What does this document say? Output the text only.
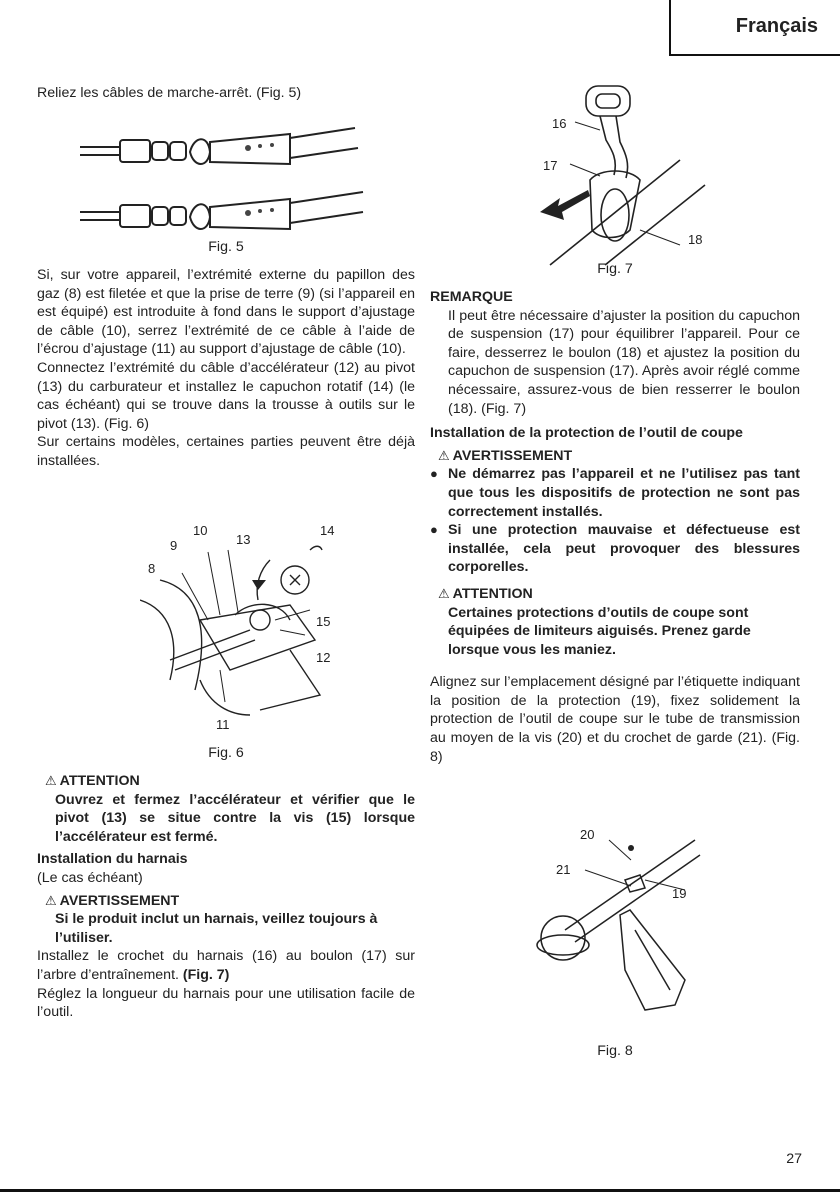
Français

Reliez les câbles de marche-arrêt. (Fig. 5)

Fig. 5

Si, sur votre appareil, l’extrémité externe du papillon des gaz (8) est filetée et que la prise de terre (9) (si l’appareil en est équipé) est introduite à fond dans le support d’ajustage de câble (10), serrez l’extrémité de ce câble à l’aide de l’écrou d’ajustage (11) au support d’ajustage de câble (10).

Connectez l’extrémité du câble d’accélérateur (12) au pivot (13) du carburateur et installez le capuchon rotatif (14) (le cas échéant) qui se trouve dans la trousse à outils sur le pivot (13). (Fig. 6)

Sur certains modèles, certaines parties peuvent être déjà installées.

9
10
13
14
8
15
12
11
Fig. 6

⚠ ATTENTION

Ouvrez et fermez l’accélérateur et vérifier que le pivot (13) se situe contre la vis (15) lorsque l’accélérateur est fermé.

Installation du harnais

(Le cas échéant)

⚠ AVERTISSEMENT

Si le produit inclut un harnais, veillez toujours à l’utiliser.

Installez le crochet du harnais (16) au boulon (17) sur l’arbre d’entraînement. (Fig. 7)

Réglez la longueur du harnais pour une utilisation facile de l’outil.

16
17
18
Fig. 7

REMARQUE

Il peut être nécessaire d’ajuster la position du capuchon de suspension (17) pour équilibrer l’appareil. Pour ce faire, desserrez le boulon (18) et ajustez la position du capuchon de suspension (17). Après avoir réglé comme nécessaire, assurez-vous de bien resserrer le boulon (18). (Fig. 7)

Installation de la protection de l’outil de coupe

⚠ AVERTISSEMENT

● Ne démarrez pas l’appareil et ne l’utilisez pas tant que tous les dispositifs de protection ne sont pas correctement installés.
● Si une protection mauvaise et défectueuse est installée, cela peut provoquer des blessures corporelles.

⚠ ATTENTION

Certaines protections d’outils de coupe sont équipées de limiteurs aiguisés. Prenez garde lorsque vous les maniez.

Alignez sur l’emplacement désigné par l’étiquette indiquant la position de la protection (19), fixez solidement la protection de l’outil de coupe sur le tube de transmission au moyen de la vis (20) et du crochet de garde (21). (Fig. 8)

20
21
19
Fig. 8
27
